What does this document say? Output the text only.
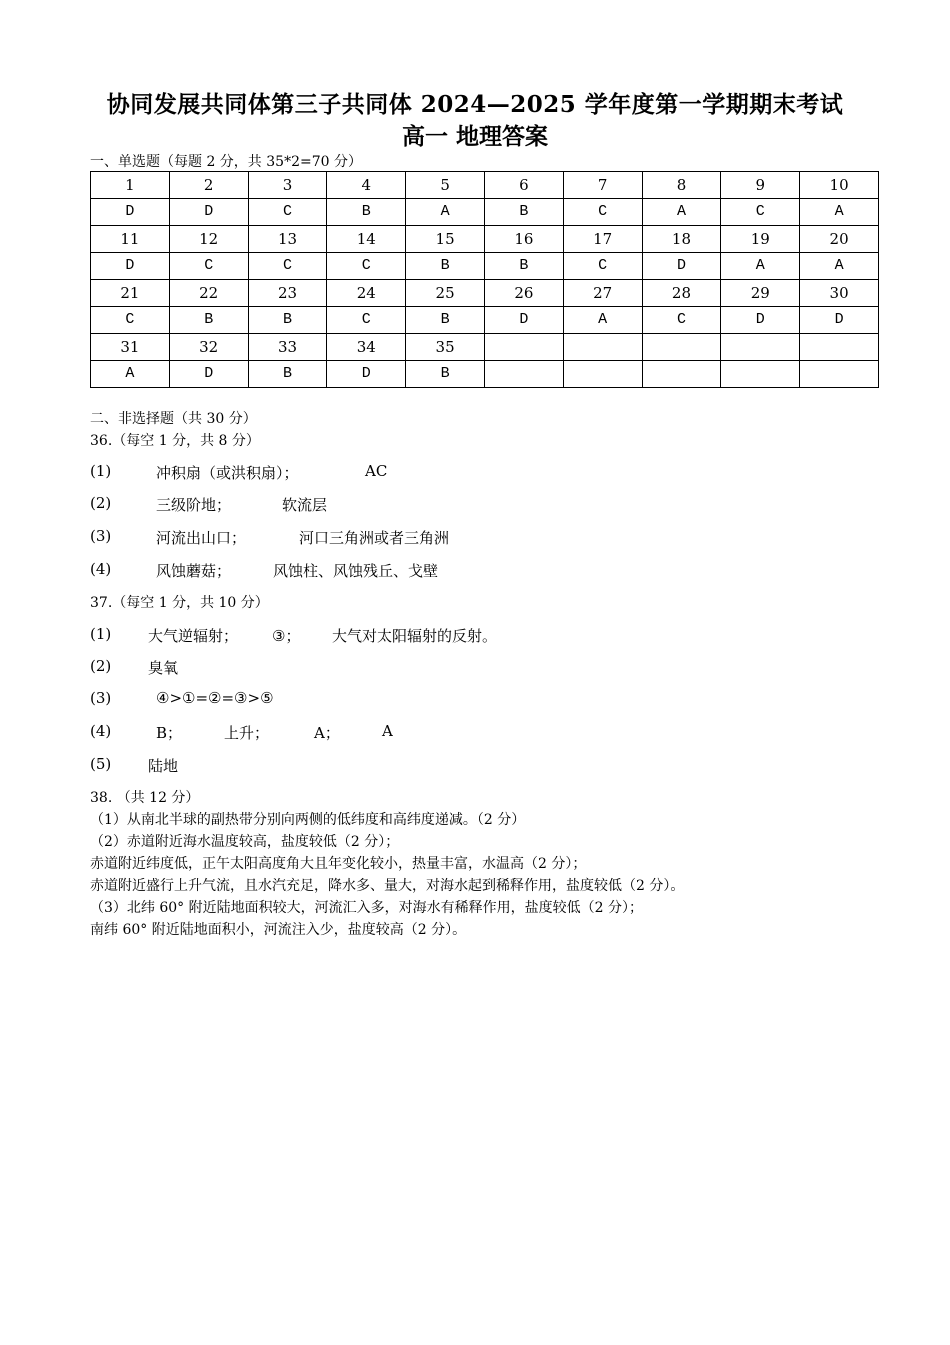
协同发展共同体第三子共同体 2024—2025 学年度第一学期期末考试
高一 地理答案
一、单选题（每题 2 分，共 35*2=70 分）
1	2	3	4	5	6	7	8	9	10
D	D	C	B	A	B	C	A	C	A
11	12	13	14	15	16	17	18	19	20
D	C	C	C	B	B	C	D	A	A
21	22	23	24	25	26	27	28	29	30
C	B	B	C	B	D	A	C	D	D
31	32	33	34	35					
A	D	B	D	B					
二、非选择题（共 30 分）
36.（每空 1 分，共 8 分）
(1)	冲积扇（或洪积扇）；	AC
(2)	三级阶地；	软流层
(3)	河流出山口；	河口三角洲或者三角洲
(4)	风蚀蘑菇；	风蚀柱、风蚀残丘、戈壁
37.（每空 1 分，共 10 分）
(1) 大气逆辐射； ③； 大气对太阳辐射的反射。
(2) 臭氧
(3)	④>①=②=③>⑤
(4)	B；	上升；	A；	A
(5) 陆地
38. （共 12 分）
（1）从南北半球的副热带分别向两侧的低纬度和高纬度递减。（2 分）
（2）赤道附近海水温度较高，盐度较低（2 分）；
赤道附近纬度低，正午太阳高度角大且年变化较小，热量丰富，水温高（2 分）；
赤道附近盛行上升气流，且水汽充足，降水多、量大，对海水起到稀释作用，盐度较低（2 分）。
（3）北纬 60° 附近陆地面积较大，河流汇入多，对海水有稀释作用，盐度较低（2 分）；
南纬 60° 附近陆地面积小，河流注入少，盐度较高（2 分）。
